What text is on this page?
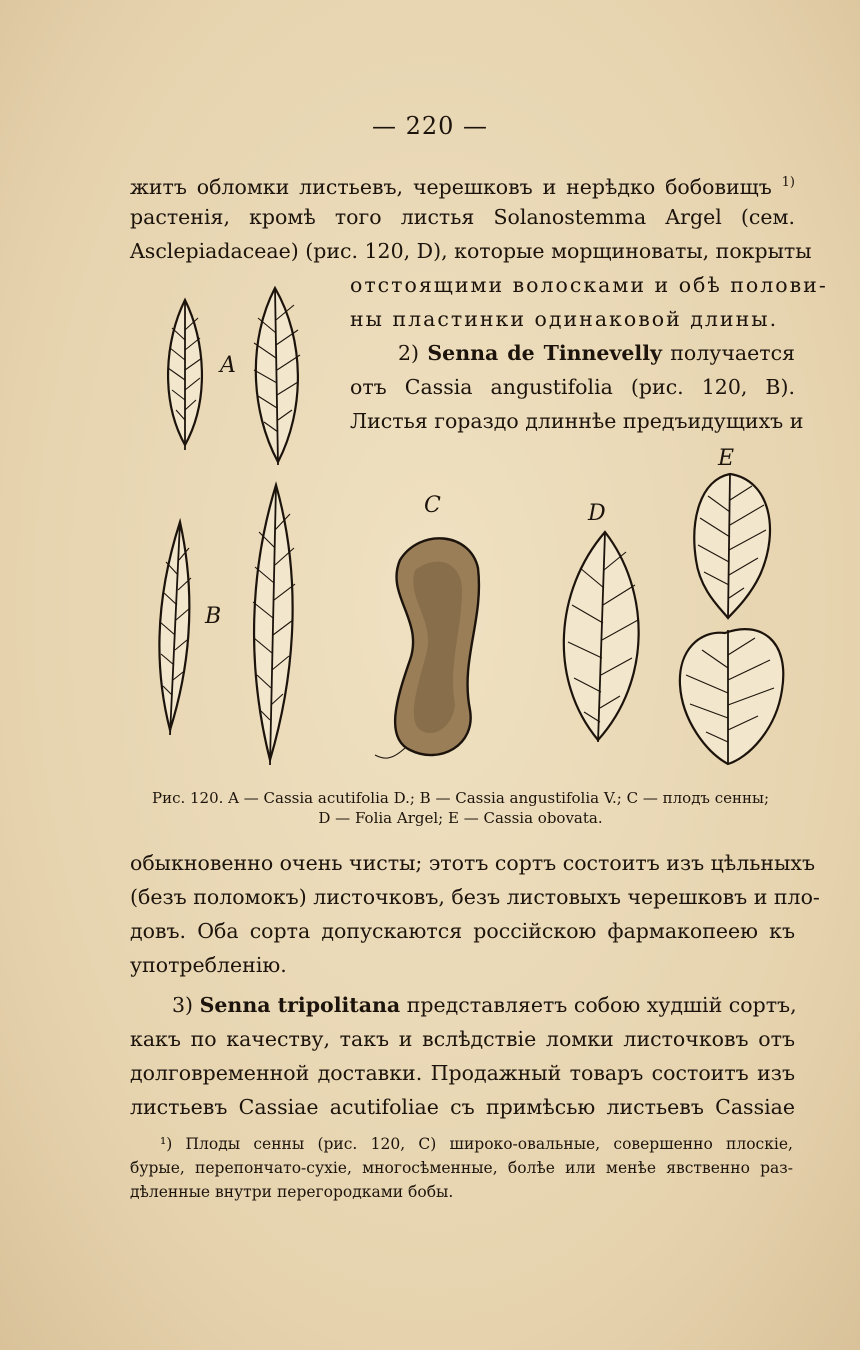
— 220 —
житъ обломки листьевъ, черешковъ и нерѣдко бобовищъ $^{1)}$
растенія, кромѣ того листья Solanostemma Argel (сем.
Asclepiadaceae) (рис. 120, D), которые морщиноваты, покрыты
отстоящими волосками и обѣ полови-
ны пластинки одинаковой длины.
2) Senna de Tinnevelly получается
отъ Cassia angustifolia (рис. 120, B).
Листья гораздо длиннѣе предъидущихъ и
A
B
C	D
E
Рис. 120. A — Cassia acutifolia D.; B — Cassia angustifolia V.; C — плодъ сенны;
D — Folia Argel; E — Cassia obovata.
обыкновенно очень чисты; этотъ сортъ состоитъ изъ цѣльныхъ
(безъ поломокъ) листочковъ, безъ листовыхъ черешковъ и пло-
довъ. Оба сорта допускаются россійскою фармакопеею къ
употребленію.
3) Senna tripolitana представляетъ собою худшій сортъ,
какъ по качеству, такъ и вслѣдствіе ломки листочковъ отъ
долговременной доставки. Продажный товаръ состоитъ изъ
листьевъ Cassiae acutifoliae съ примѣсью листьевъ Cassiae
¹) Плоды сенны (рис. 120, C) широко-овальные, совершенно плоскіе,
бурые, перепончато-сухіе, многосѣменные, болѣе или менѣе явственно раз-
дѣленные внутри перегородками бобы.
